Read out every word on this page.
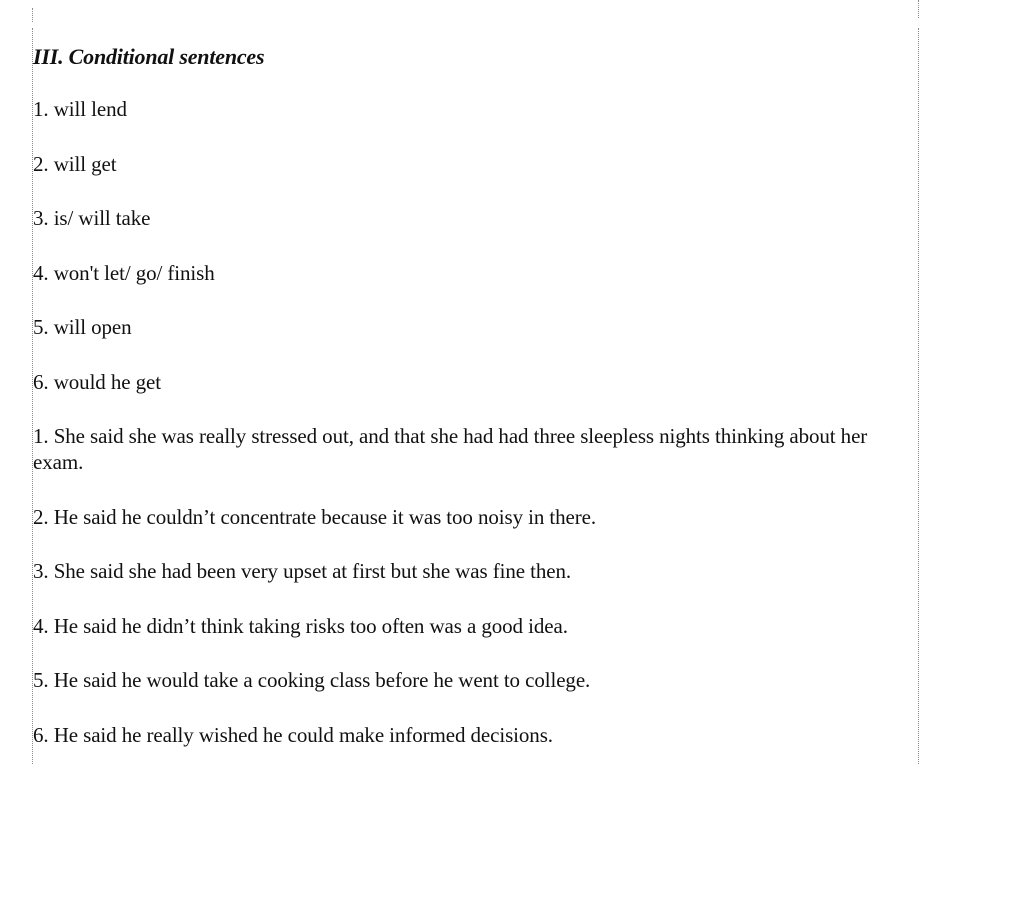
III. Conditional sentences

1. will lend

2. will get

3. is/ will take

4. won't let/ go/ finish

5. will open

6. would he get

1. She said she was really stressed out, and that she had had three sleepless nights thinking about her exam.

2. He said he couldn’t concentrate because it was too noisy in there.

3. She said she had been very upset at first but she was fine then.

4. He said he didn’t think taking risks too often was a good idea.

5. He said he would take a cooking class before he went to college.

6. He said he really wished he could make informed decisions.
